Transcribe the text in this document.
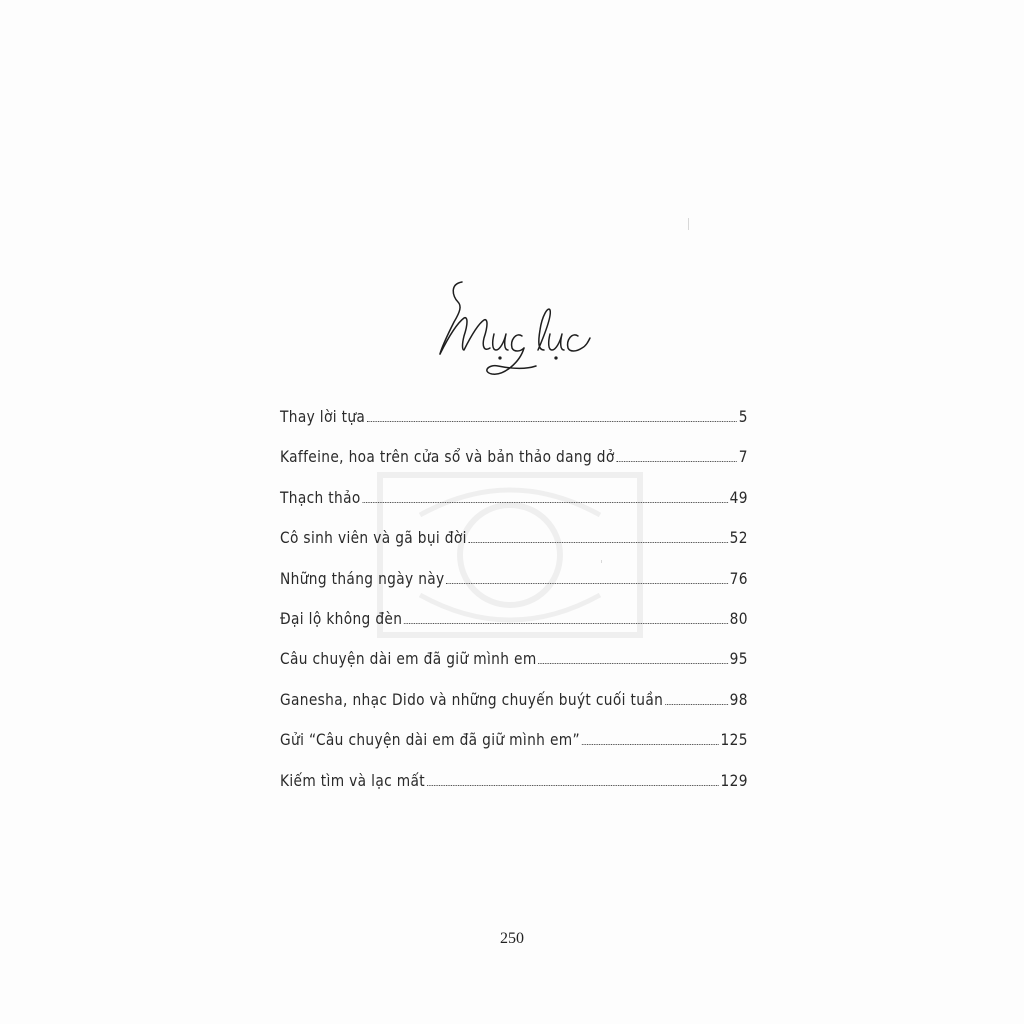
Thay lời tựa	5
Kaffeine, hoa trên cửa sổ và bản thảo dang dở	7
Thạch thảo	49
Cô sinh viên và gã bụi đời	52
Những tháng ngày này	76
Đại lộ không đèn	80
Câu chuyện dài em đã giữ mình em	95
Ganesha, nhạc Dido và những chuyến buýt cuối tuần	98
Gửi “Câu chuyện dài em đã giữ mình em”	125
Kiếm tìm và lạc mất	129
250
